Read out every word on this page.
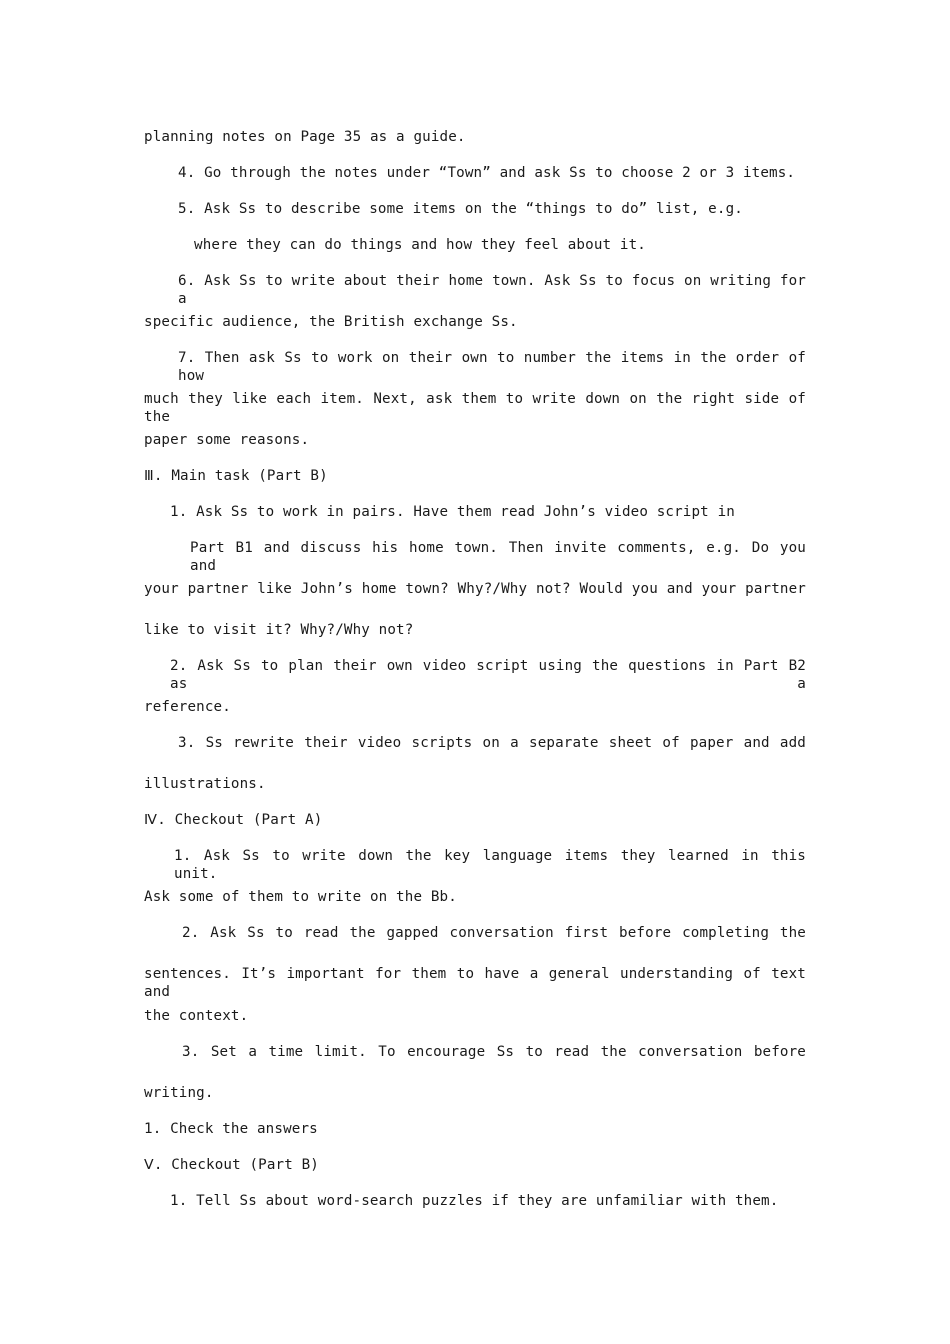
planning notes on Page 35 as a guide.
4. Go through the notes under “Town” and ask Ss to choose 2 or 3 items.
5. Ask Ss to describe some items on the “things to do” list, e.g.
where they can do things and how they feel about it.
6. Ask Ss to write about their home town. Ask Ss to focus on writing for a
specific audience, the British exchange Ss.
7. Then ask Ss to work on their own to number the items in the order of how
much they like each item. Next, ask them to write down on the right side of the
paper some reasons.
Ⅲ. Main task (Part B)
1. Ask Ss to work in pairs. Have them read John’s video script in
Part B1 and discuss his home town. Then invite comments, e.g. Do you and
your partner like John’s home town? Why?/Why not? Would you and your partner
like to visit it? Why?/Why not?
2. Ask Ss to plan their own video script using the questions in Part B2 as a
reference.
3. Ss rewrite their video scripts on a separate sheet of paper and add
illustrations.
Ⅳ. Checkout (Part A)
1. Ask Ss to write down the key language items they learned in this unit.
Ask some of them to write on the Bb.
2. Ask Ss to read the gapped conversation first before completing the
sentences. It’s important for them to have a general understanding of text and
the context.
3. Set a time limit. To encourage Ss to read the conversation before
writing.
1. Check the answers
Ⅴ. Checkout (Part B)
1. Tell Ss about word-search puzzles if they are unfamiliar with them.
